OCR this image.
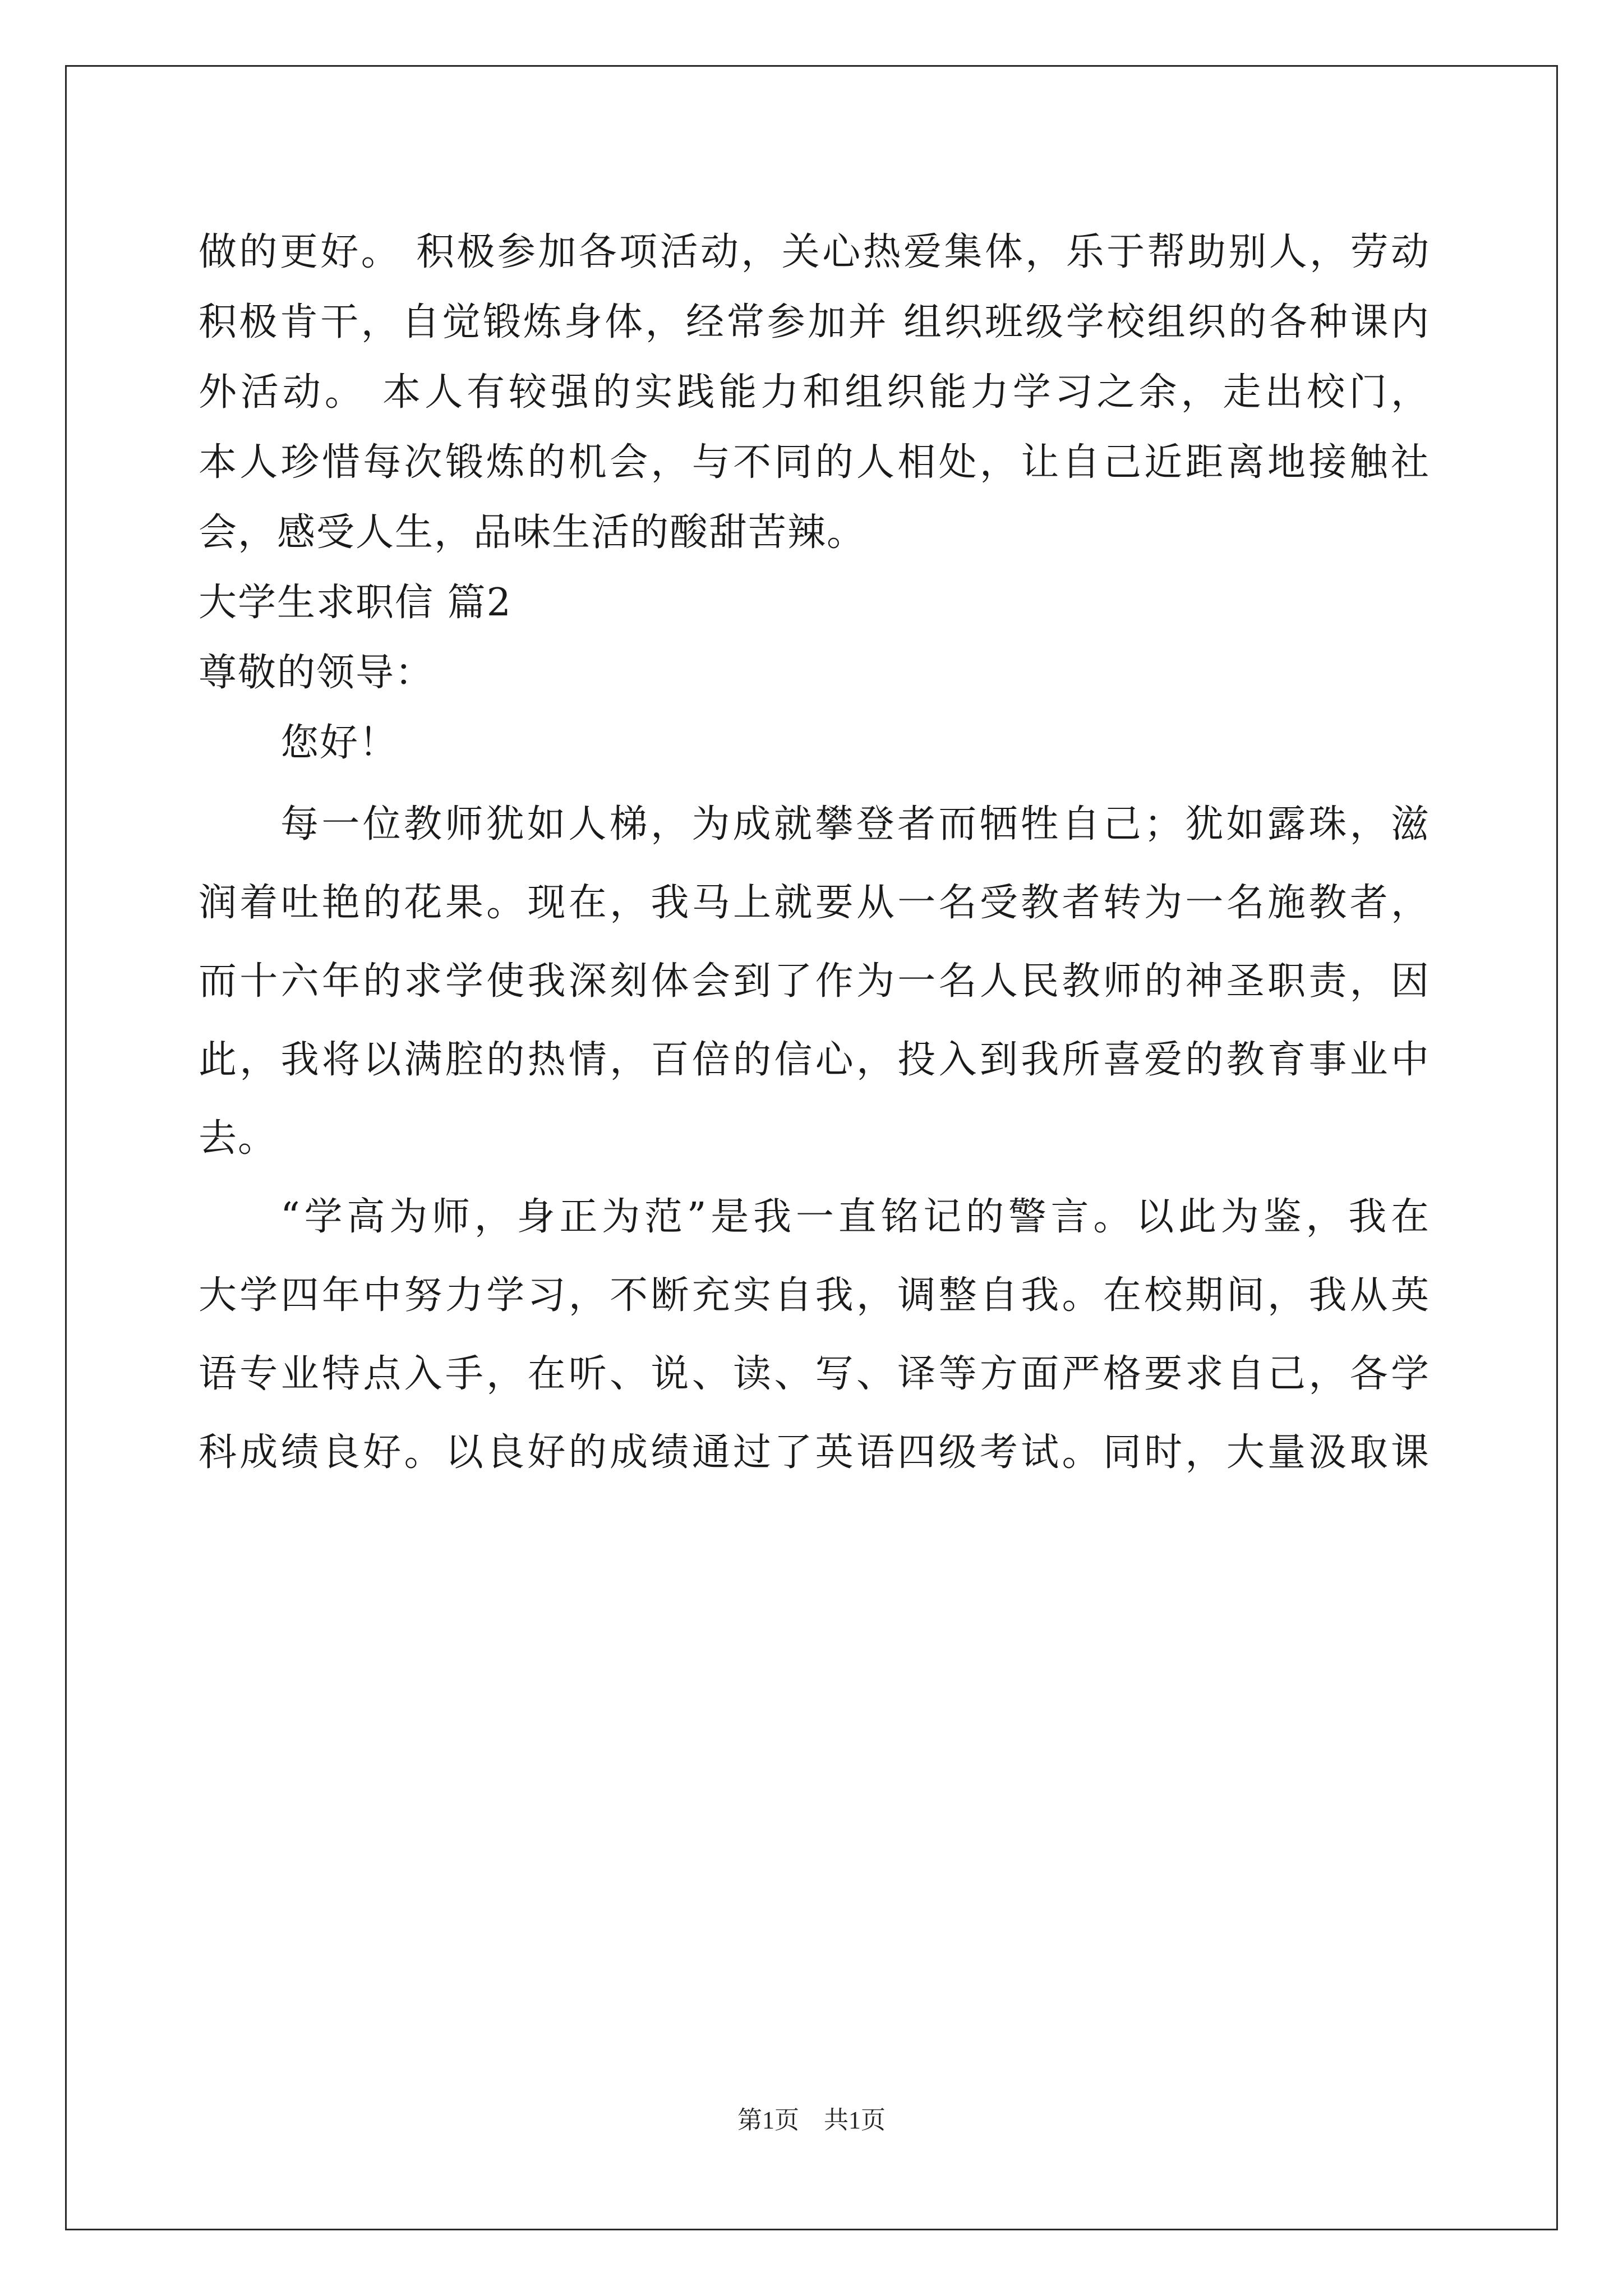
做的更好。 积极参加各项活动，关心热爱集体，乐于帮助别人，劳动
积极肯干，自觉锻炼身体，经常参加并 组织班级学校组织的各种课内
外活动。 本人有较强的实践能力和组织能力学习之余，走出校门，
本人珍惜每次锻炼的机会，与不同的人相处，让自己近距离地接触社
会，感受人生，品味生活的酸甜苦辣。
大学生求职信 篇2
尊敬的领导：
您好！
每一位教师犹如人梯，为成就攀登者而牺牲自己；犹如露珠，滋
润着吐艳的花果。现在，我马上就要从一名受教者转为一名施教者，
而十六年的求学使我深刻体会到了作为一名人民教师的神圣职责，因
此，我将以满腔的热情，百倍的信心，投入到我所喜爱的教育事业中
去。
“学高为师，身正为范”是我一直铭记的警言。以此为鉴，我在
大学四年中努力学习，不断充实自我，调整自我。在校期间，我从英
语专业特点入手，在听、说、读、写、译等方面严格要求自己，各学
科成绩良好。以良好的成绩通过了英语四级考试。同时，大量汲取课
第1页　共1页
